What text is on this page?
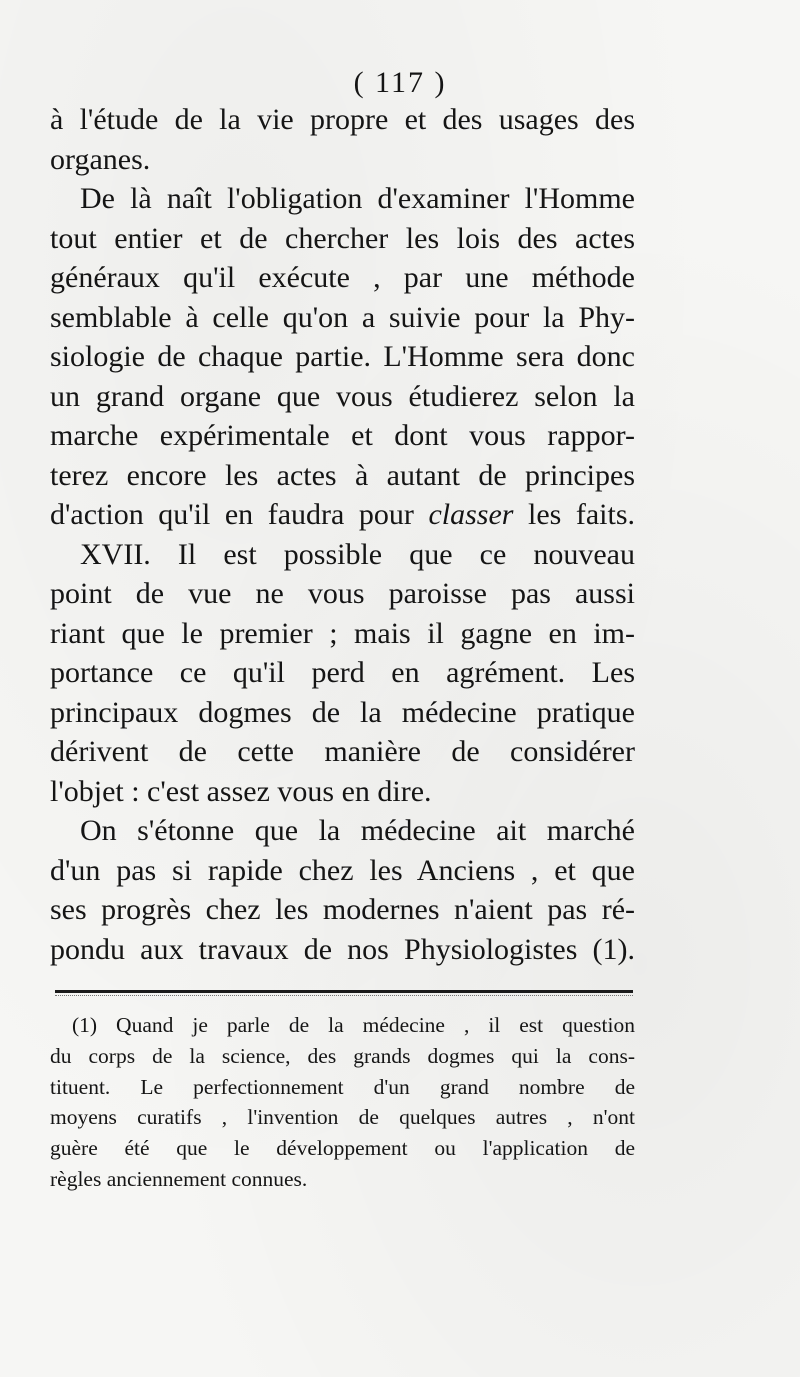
( 117 )
à l'étude de la vie propre et des usages des
organes.
De là naît l'obligation d'examiner l'Homme
tout entier et de chercher les lois des actes
généraux qu'il exécute , par une méthode
semblable à celle qu'on a suivie pour la Phy-
siologie de chaque partie. L'Homme sera donc
un grand organe que vous étudierez selon la
marche expérimentale et dont vous rappor-
terez encore les actes à autant de principes
d'action qu'il en faudra pour classer les faits.
XVII. Il est possible que ce nouveau
point de vue ne vous paroisse pas aussi
riant que le premier ; mais il gagne en im-
portance ce qu'il perd en agrément. Les
principaux dogmes de la médecine pratique
dérivent de cette manière de considérer
l'objet : c'est assez vous en dire.
On s'étonne que la médecine ait marché
d'un pas si rapide chez les Anciens , et que
ses progrès chez les modernes n'aient pas ré-
pondu aux travaux de nos Physiologistes (1).
(1) Quand je parle de la médecine , il est question
du corps de la science, des grands dogmes qui la cons-
tituent. Le perfectionnement d'un grand nombre de
moyens curatifs , l'invention de quelques autres , n'ont
guère été que le développement ou l'application de
règles anciennement connues.
